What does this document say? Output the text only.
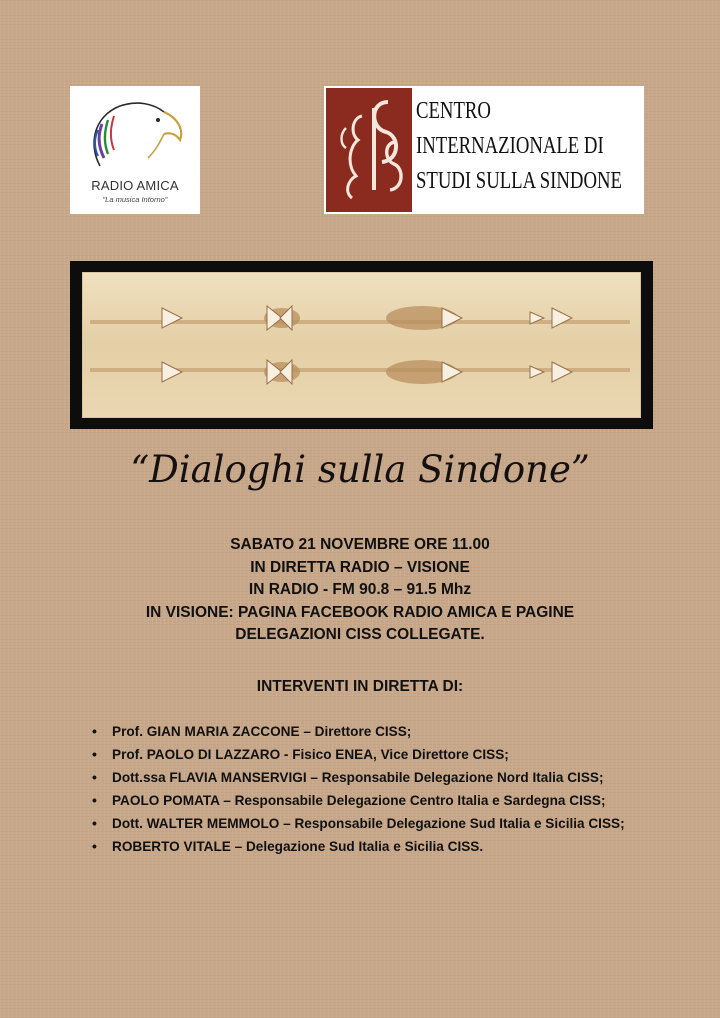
RADIO AMICA
"La musica Intorno"
CENTRO
INTERNAZIONALE DI
STUDI SULLA SINDONE
“Dialoghi sulla Sindone”
SABATO 21 NOVEMBRE ORE 11.00
IN DIRETTA RADIO – VISIONE
IN RADIO - FM 90.8 – 91.5 Mhz
IN VISIONE: PAGINA FACEBOOK RADIO AMICA E PAGINE
DELEGAZIONI CISS COLLEGATE.
INTERVENTI IN DIRETTA DI:
• Prof. GIAN MARIA ZACCONE – Direttore CISS;
• Prof. PAOLO DI LAZZARO - Fisico ENEA, Vice Direttore CISS;
• Dott.ssa FLAVIA MANSERVIGI – Responsabile Delegazione Nord Italia CISS;
• PAOLO POMATA – Responsabile Delegazione Centro Italia e Sardegna CISS;
• Dott. WALTER MEMMOLO – Responsabile Delegazione Sud Italia e Sicilia CISS;
• ROBERTO VITALE – Delegazione Sud Italia e Sicilia CISS.
